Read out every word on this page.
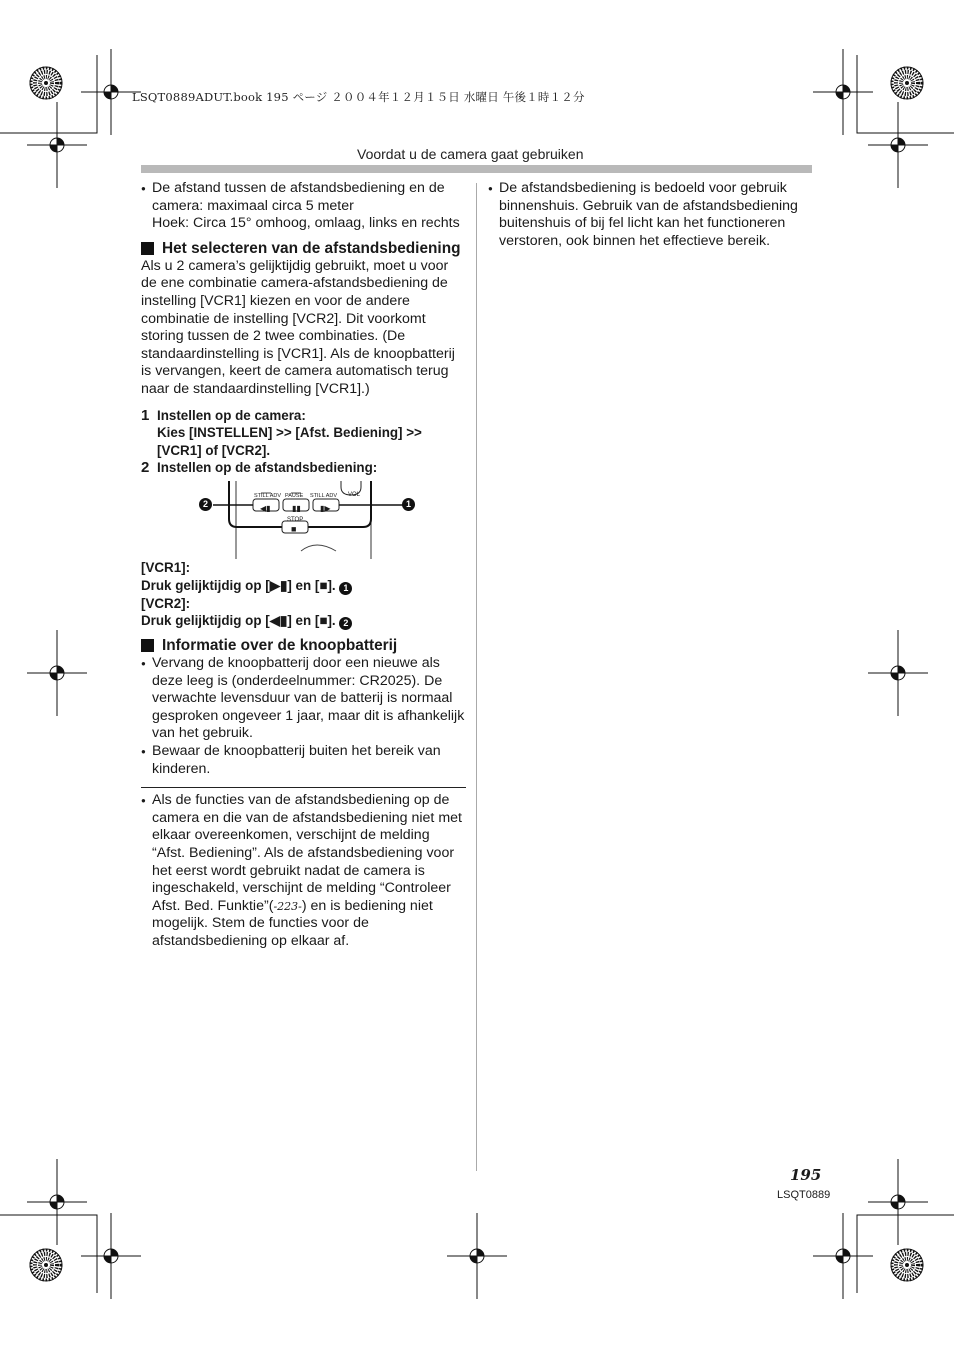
LSQT0889ADUT.book 195 ページ ２００４年１２月１５日 水曜日 午後１時１２分
Voordat u de camera gaat gebruiken
● De afstand tussen de afstandsbediening en de camera: maximaal circa 5 meter
Hoek: Circa 15° omhoog, omlaag, links en rechts
Het selecteren van de afstandsbediening
Als u 2 camera’s gelijktijdig gebruikt, moet u voor de ene combinatie camera-afstandsbediening de instelling [VCR1] kiezen en voor de andere combinatie de instelling [VCR2]. Dit voorkomt storing tussen de 2 twee combinaties. (De standaardinstelling is [VCR1]. Als de knoopbatterij is vervangen, keert de camera automatisch terug naar de standaardinstelling [VCR1].)
1 Instellen op de camera:
Kies [INSTELLEN] >> [Afst. Bediening] >> [VCR1] of [VCR2].
2 Instellen op de afstandsbediening:
STILL ADV PAUSE STILL ADV VOL
STOP
◀▮	▮▮ ▮▶
■
2	1
[VCR1]:
Druk gelijktijdig op [▶▮] en [■]. 1
[VCR2]:
Druk gelijktijdig op [◀▮] en [■]. 2
Informatie over de knoopbatterij
● Vervang de knoopbatterij door een nieuwe als deze leeg is (onderdeelnummer: CR2025). De verwachte levensduur van de batterij is normaal gesproken ongeveer 1 jaar, maar dit is afhankelijk van het gebruik.
● Bewaar de knoopbatterij buiten het bereik van kinderen.
● Als de functies van de afstandsbediening op de camera en die van de afstandsbediening niet met elkaar overeenkomen, verschijnt de melding “Afst. Bediening”. Als de afstandsbediening voor het eerst wordt gebruikt nadat de camera is ingeschakeld, verschijnt de melding “Controleer Afst. Bed. Funktie”(-223-) en is bediening niet mogelijk. Stem de functies voor de afstandsbediening op elkaar af.
● De afstandsbediening is bedoeld voor gebruik binnenshuis. Gebruik van de afstandsbediening buitenshuis of bij fel licht kan het functioneren verstoren, ook binnen het effectieve bereik.
195
LSQT0889
